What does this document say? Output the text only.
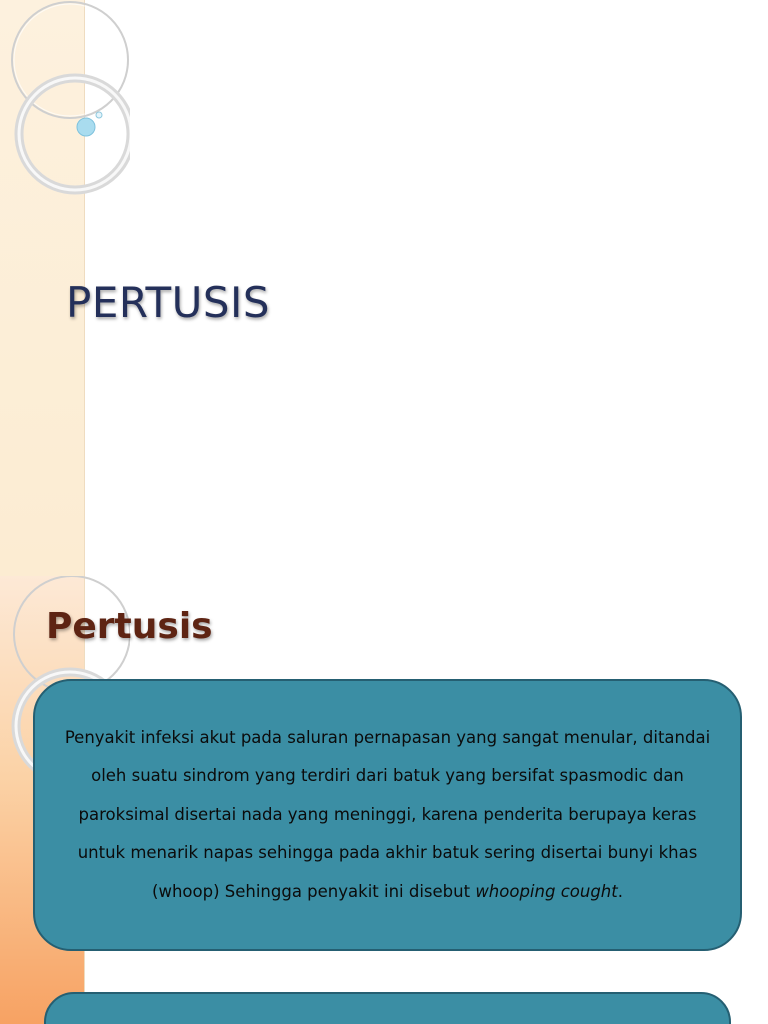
PERTUSIS
Pertusis

Penyakit infeksi akut pada saluran pernapasan yang sangat menular, ditandai oleh suatu sindrom yang terdiri dari batuk yang bersifat spasmodic dan paroksimal disertai nada yang meninggi, karena penderita berupaya keras untuk menarik napas sehingga pada akhir batuk sering disertai bunyi khas (whoop) Sehingga penyakit ini disebut whooping cought.
